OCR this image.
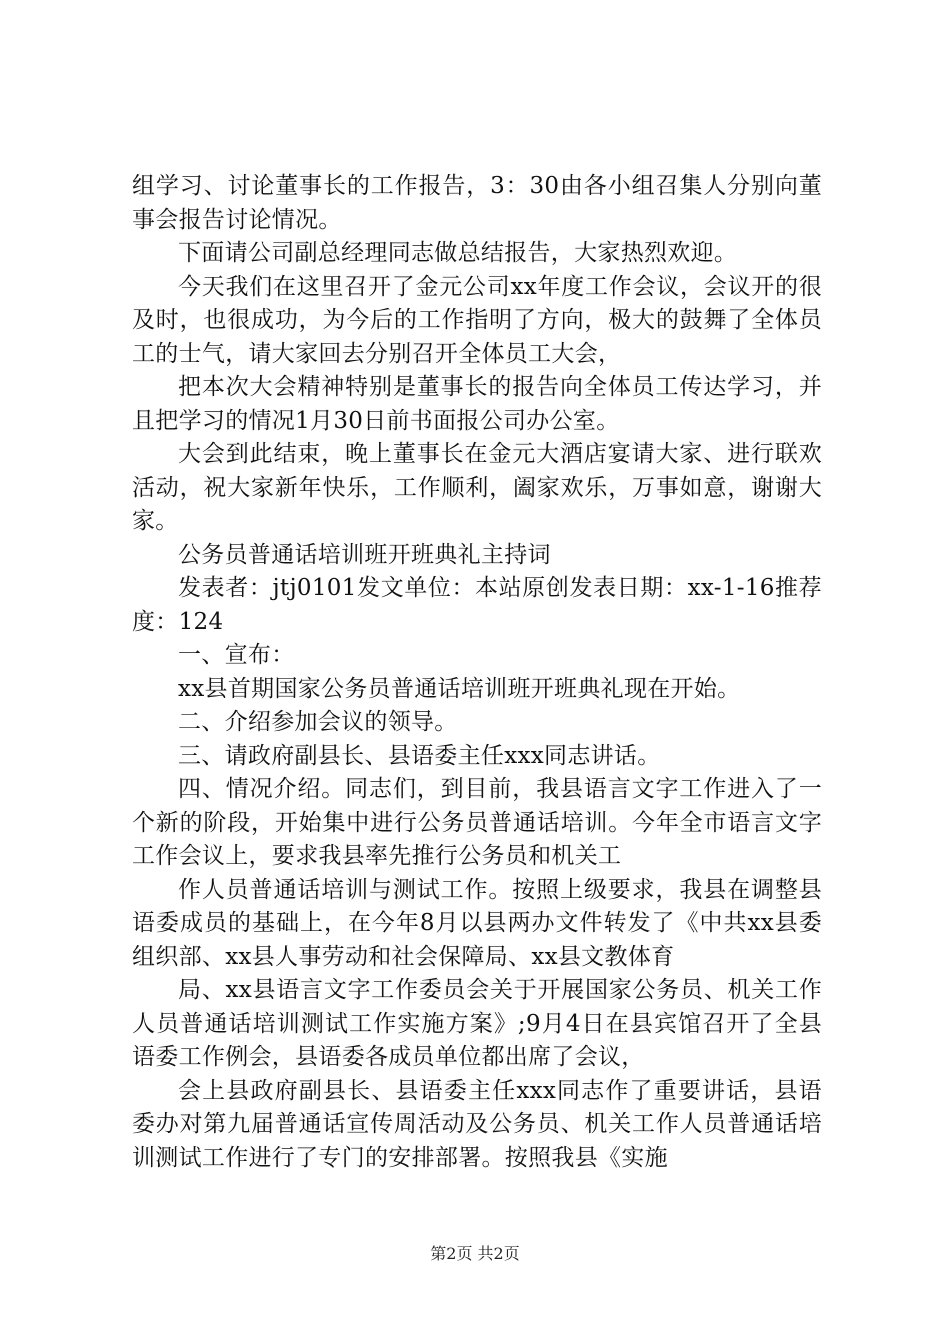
组学习、讨论董事长的工作报告，3：30由各小组召集人分别向董事会报告讨论情况。

下面请公司副总经理同志做总结报告，大家热烈欢迎。

今天我们在这里召开了金元公司xx年度工作会议，会议开的很及时，也很成功，为今后的工作指明了方向，极大的鼓舞了全体员工的士气，请大家回去分别召开全体员工大会，

把本次大会精神特别是董事长的报告向全体员工传达学习，并且把学习的情况1月30日前书面报公司办公室。

大会到此结束，晚上董事长在金元大酒店宴请大家、进行联欢活动，祝大家新年快乐，工作顺利，阖家欢乐，万事如意，谢谢大家。

公务员普通话培训班开班典礼主持词

发表者：jtj0101发文单位：本站原创发表日期：xx-1-16推荐度：124

一、宣布：

xx县首期国家公务员普通话培训班开班典礼现在开始。

二、介绍参加会议的领导。

三、请政府副县长、县语委主任xxx同志讲话。

四、情况介绍。同志们，到目前，我县语言文字工作进入了一个新的阶段，开始集中进行公务员普通话培训。今年全市语言文字工作会议上，要求我县率先推行公务员和机关工

作人员普通话培训与测试工作。按照上级要求，我县在调整县语委成员的基础上，在今年8月以县两办文件转发了《中共xx县委组织部、xx县人事劳动和社会保障局、xx县文教体育

局、xx县语言文字工作委员会关于开展国家公务员、机关工作人员普通话培训测试工作实施方案》;9月4日在县宾馆召开了全县语委工作例会，县语委各成员单位都出席了会议，

会上县政府副县长、县语委主任xxx同志作了重要讲话，县语委办对第九届普通话宣传周活动及公务员、机关工作人员普通话培训测试工作进行了专门的安排部署。按照我县《实施

第2页 共2页
